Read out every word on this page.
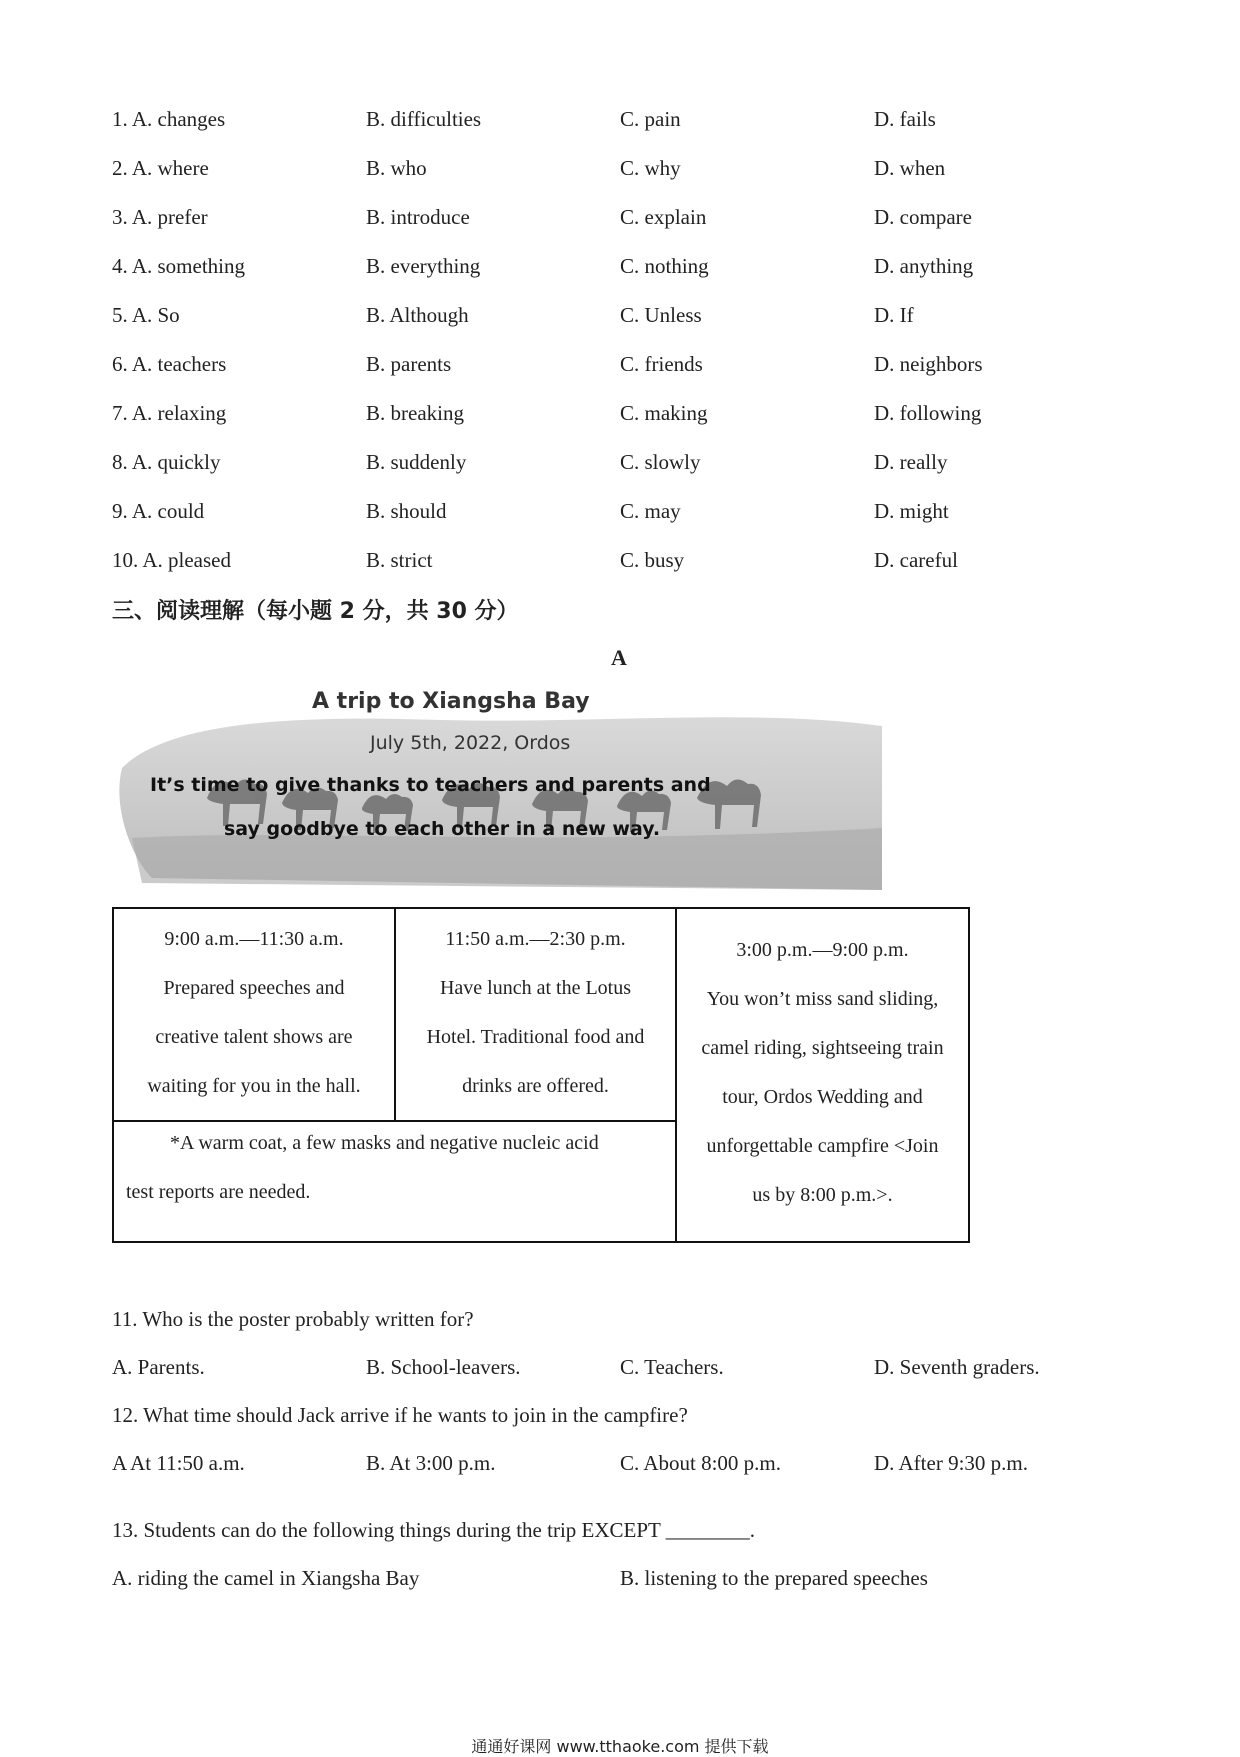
1. A. changes	B. difficulties	C. pain	D. fails
2. A. where	B. who	C. why	D. when
3. A. prefer	B. introduce	C. explain	D. compare
4. A. something	B. everything	C. nothing	D. anything
5. A. So	B. Although	C. Unless	D. If
6. A. teachers	B. parents	C. friends	D. neighbors
7. A. relaxing	B. breaking	C. making	D. following
8. A. quickly	B. suddenly	C. slowly	D. really
9. A. could	B. should	C. may	D. might
10. A. pleased	B. strict	C. busy	D. careful
三、阅读理解（每小题 2 分，共 30 分）
A
A trip to Xiangsha Bay
July 5th, 2022, Ordos
It’s time to give thanks to teachers and parents and
say goodbye to each other in a new way.
9:00 a.m.—11:30 a.m.
Prepared speeches and
creative talent shows are
waiting for you in the hall.
11:50 a.m.—2:30 p.m.
Have lunch at the Lotus
Hotel. Traditional food and
drinks are offered.
3:00 p.m.—9:00 p.m.
You won’t miss sand sliding,
camel riding, sightseeing train
tour, Ordos Wedding and
unforgettable campfire <Join
us by 8:00 p.m.>.
*A warm coat, a few masks and negative nucleic acid
test reports are needed.
11. Who is the poster probably written for?
A. Parents.	B. School-leavers.	C. Teachers.	D. Seventh graders.
12. What time should Jack arrive if he wants to join in the campfire?
A At 11:50 a.m.	B. At 3:00 p.m.	C. About 8:00 p.m.	D. After 9:30 p.m.
13. Students can do the following things during the trip EXCEPT ________.
A. riding the camel in Xiangsha Bay	B. listening to the prepared speeches
通通好课网 www.tthaoke.com 提供下载
